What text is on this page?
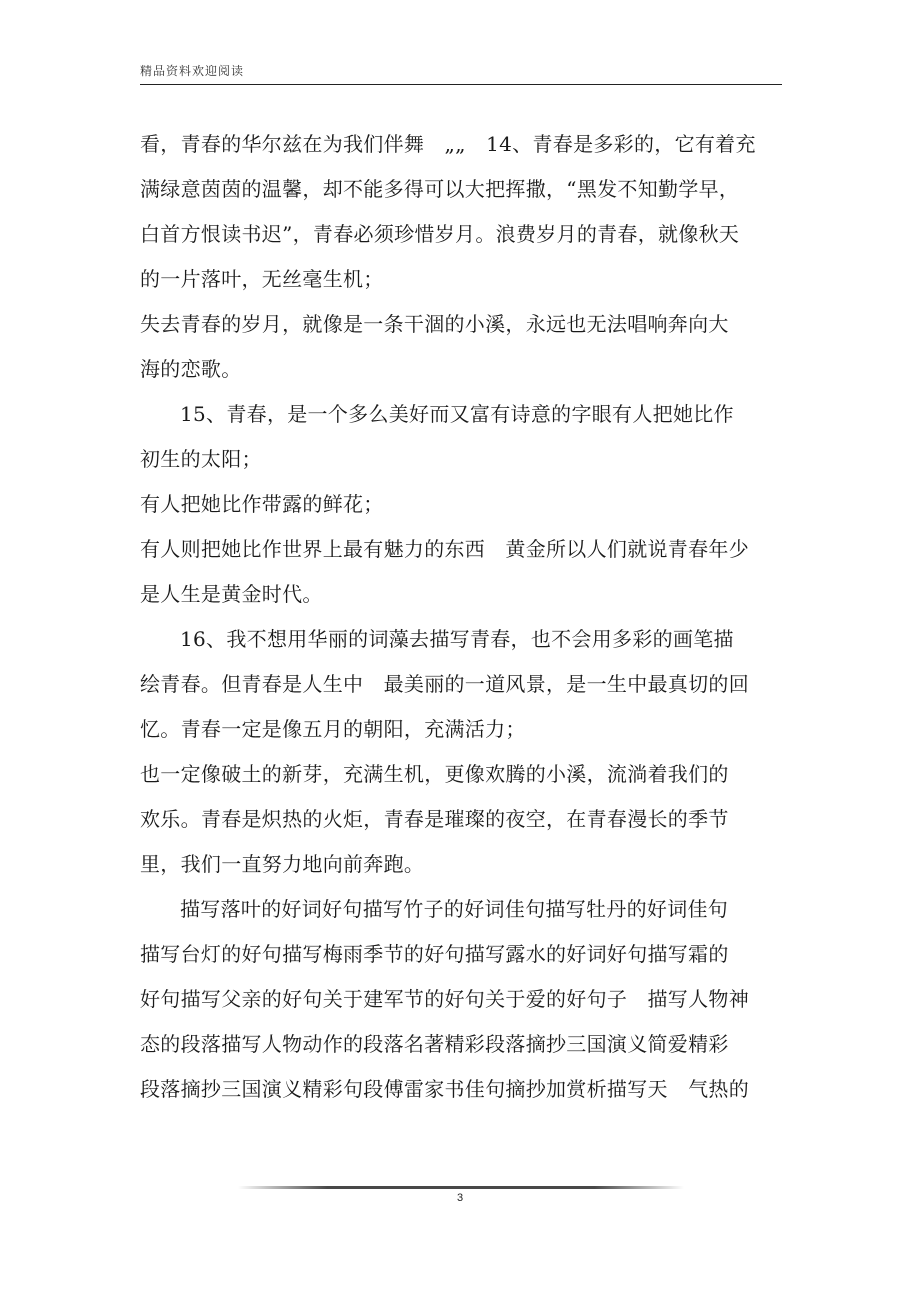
精品资料欢迎阅读

看，青春的华尔兹在为我们伴舞　„„　14、青春是多彩的，它有着充
满绿意茵茵的温馨，却不能多得可以大把挥撒，“黑发不知勤学早，
白首方恨读书迟”，青春必须珍惜岁月。浪费岁月的青春，就像秋天
的一片落叶，无丝毫生机；

失去青春的岁月，就像是一条干涸的小溪，永远也无法唱响奔向大
海的恋歌。

15、青春，是一个多么美好而又富有诗意的字眼有人把她比作
初生的太阳；

有人把她比作带露的鲜花；

有人则把她比作世界上最有魅力的东西　黄金所以人们就说青春年少
是人生是黄金时代。

16、我不想用华丽的词藻去描写青春，也不会用多彩的画笔描
绘青春。但青春是人生中　最美丽的一道风景，是一生中最真切的回
忆。青春一定是像五月的朝阳，充满活力；

也一定像破土的新芽，充满生机，更像欢腾的小溪，流淌着我们的
欢乐。青春是炽热的火炬，青春是璀璨的夜空，在青春漫长的季节
里，我们一直努力地向前奔跑。

描写落叶的好词好句描写竹子的好词佳句描写牡丹的好词佳句
描写台灯的好句描写梅雨季节的好句描写露水的好词好句描写霜的
好句描写父亲的好句关于建军节的好句关于爱的好句子　描写人物神
态的段落描写人物动作的段落名著精彩段落摘抄三国演义简爱精彩
段落摘抄三国演义精彩句段傅雷家书佳句摘抄加赏析描写天　气热的

3
